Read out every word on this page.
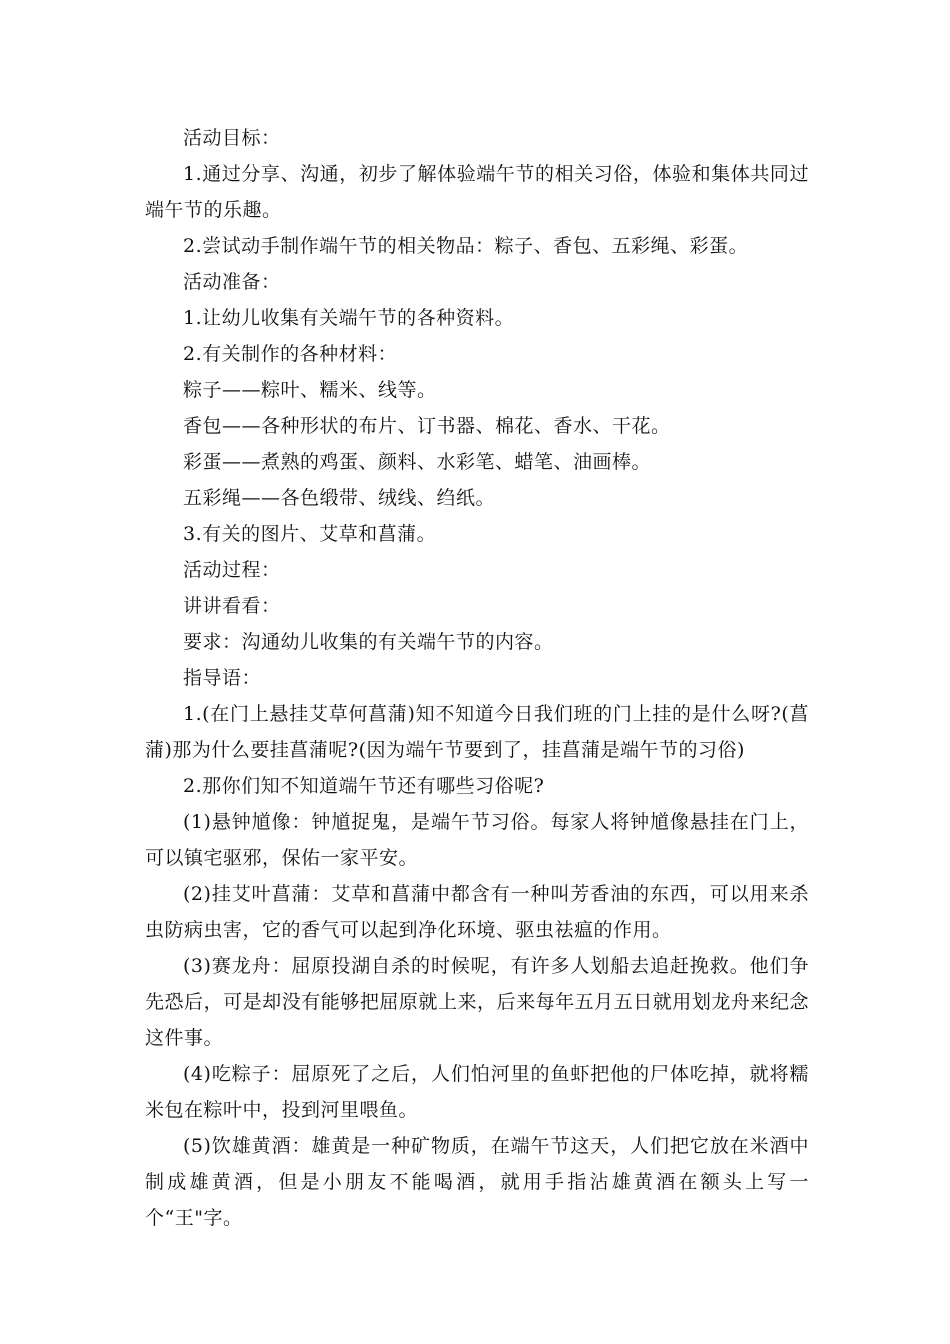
活动目标：

1.通过分享、沟通，初步了解体验端午节的相关习俗，体验和集体共同过端午节的乐趣。

2.尝试动手制作端午节的相关物品：粽子、香包、五彩绳、彩蛋。

活动准备：

1.让幼儿收集有关端午节的各种资料。

2.有关制作的各种材料：

粽子——粽叶、糯米、线等。

香包——各种形状的布片、订书器、棉花、香水、干花。

彩蛋——煮熟的鸡蛋、颜料、水彩笔、蜡笔、油画棒。

五彩绳——各色缎带、绒线、绉纸。

3.有关的图片、艾草和菖蒲。

活动过程：

讲讲看看：

要求：沟通幼儿收集的有关端午节的内容。

指导语：

1.(在门上悬挂艾草何菖蒲)知不知道今日我们班的门上挂的是什么呀?(菖蒲)那为什么要挂菖蒲呢?(因为端午节要到了，挂菖蒲是端午节的习俗)

2.那你们知不知道端午节还有哪些习俗呢?

(1)悬钟馗像：钟馗捉鬼，是端午节习俗。每家人将钟馗像悬挂在门上，可以镇宅驱邪，保佑一家平安。

(2)挂艾叶菖蒲：艾草和菖蒲中都含有一种叫芳香油的东西，可以用来杀虫防病虫害，它的香气可以起到净化环境、驱虫祛瘟的作用。

(3)赛龙舟：屈原投湖自杀的时候呢，有许多人划船去追赶挽救。他们争先恐后，可是却没有能够把屈原就上来，后来每年五月五日就用划龙舟来纪念这件事。

(4)吃粽子：屈原死了之后，人们怕河里的鱼虾把他的尸体吃掉，就将糯米包在粽叶中，投到河里喂鱼。

(5)饮雄黄酒：雄黄是一种矿物质，在端午节这天，人们把它放在米酒中制成雄黄酒，但是小朋友不能喝酒，就用手指沾雄黄酒在额头上写一个“王"字。
